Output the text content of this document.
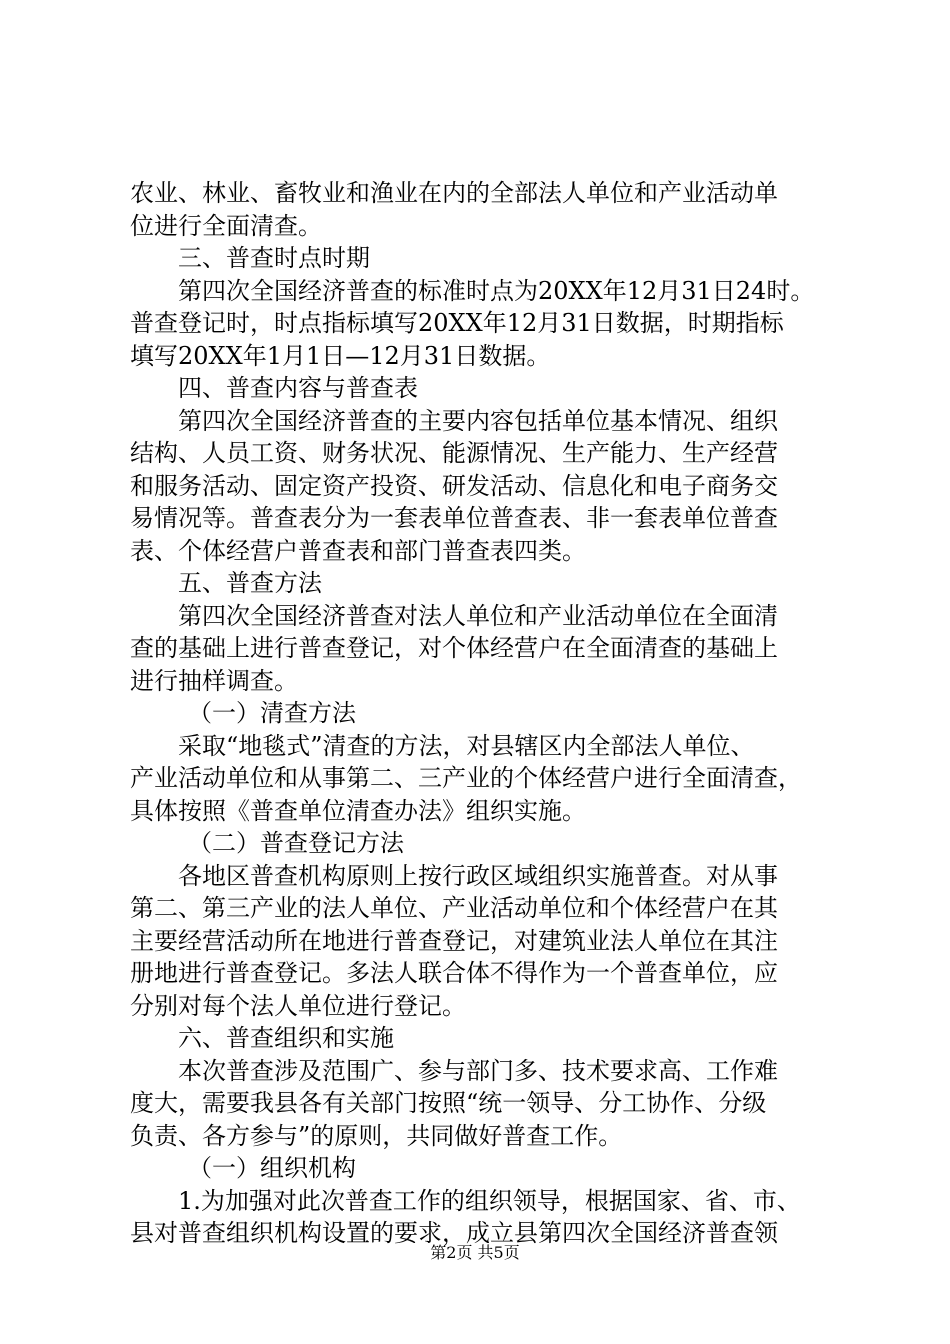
农业、林业、畜牧业和渔业在内的全部法人单位和产业活动单
位进行全面清查。
三、普查时点时期
第四次全国经济普查的标准时点为20XX年12月31日24时。
普查登记时，时点指标填写20XX年12月31日数据，时期指标
填写20XX年1月1日—12月31日数据。
四、普查内容与普查表
第四次全国经济普查的主要内容包括单位基本情况、组织
结构、人员工资、财务状况、能源情况、生产能力、生产经营
和服务活动、固定资产投资、研发活动、信息化和电子商务交
易情况等。普查表分为一套表单位普查表、非一套表单位普查
表、个体经营户普查表和部门普查表四类。
五、普查方法
第四次全国经济普查对法人单位和产业活动单位在全面清
查的基础上进行普查登记，对个体经营户在全面清查的基础上
进行抽样调查。
（一）清查方法
采取“地毯式”清查的方法，对县辖区内全部法人单位、
产业活动单位和从事第二、三产业的个体经营户进行全面清查，
具体按照《普查单位清查办法》组织实施。
（二）普查登记方法
各地区普查机构原则上按行政区域组织实施普查。对从事
第二、第三产业的法人单位、产业活动单位和个体经营户在其
主要经营活动所在地进行普查登记，对建筑业法人单位在其注
册地进行普查登记。多法人联合体不得作为一个普查单位，应
分别对每个法人单位进行登记。
六、普查组织和实施
本次普查涉及范围广、参与部门多、技术要求高、工作难
度大，需要我县各有关部门按照“统一领导、分工协作、分级
负责、各方参与”的原则，共同做好普查工作。
（一）组织机构
1.为加强对此次普查工作的组织领导，根据国家、省、市、
县对普查组织机构设置的要求，成立县第四次全国经济普查领
第2页 共5页
